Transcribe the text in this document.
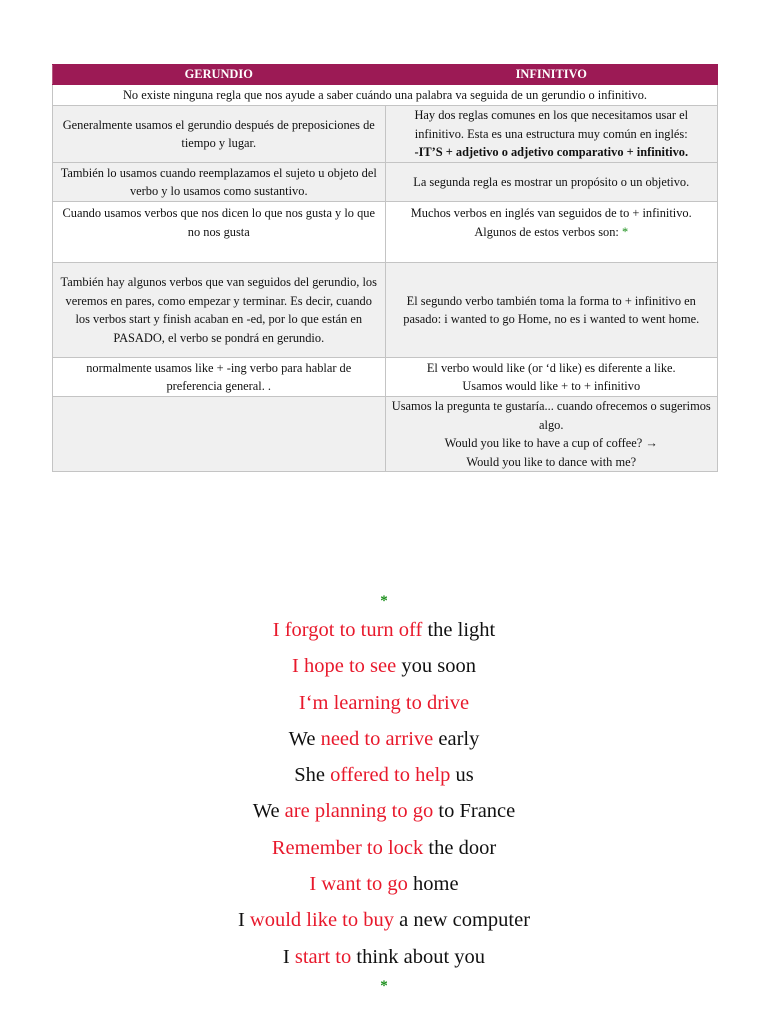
GERUNDIO	INFINITIVO
No existe ninguna regla que nos ayude a saber cuándo una palabra va seguida de un gerundio o infinitivo.	
Generalmente usamos el gerundio después de preposiciones de tiempo y lugar.	Hay dos reglas comunes en los que necesitamos usar el infinitivo. Esta es una estructura muy común en inglés:
-IT’S + adjetivo o adjetivo comparativo + infinitivo.
También lo usamos cuando reemplazamos el sujeto u objeto del verbo y lo usamos como sustantivo.	La segunda regla es mostrar un propósito o un objetivo.
Cuando usamos verbos que nos dicen lo que nos gusta y lo que no nos gusta	Muchos verbos en inglés van seguidos de to + infinitivo.
Algunos de estos verbos son: *
También hay algunos verbos que van seguidos del gerundio, los veremos en pares, como empezar y terminar. Es decir, cuando los verbos start y finish acaban en -ed, por lo que están en PASADO, el verbo se pondrá en gerundio.	El segundo verbo también toma la forma to + infinitivo en pasado: i wanted to go Home, no es i wanted to went home.
normalmente usamos like + -ing verbo para hablar de preferencia general. .	El verbo would like (or ‘d like) es diferente a like.
Usamos would like + to + infinitivo
	Usamos la pregunta te gustaría... cuando ofrecemos o sugerimos algo.
Would you like to have a cup of coffee? →
Would you like to dance with me?
*
I forgot to turn off the light
I hope to see you soon
I‘m learning to drive
We need to arrive early
She offered to help us
We are planning to go to France
Remember to lock the door
I want to go home
I would like to buy a new computer
I start to think about you
*
